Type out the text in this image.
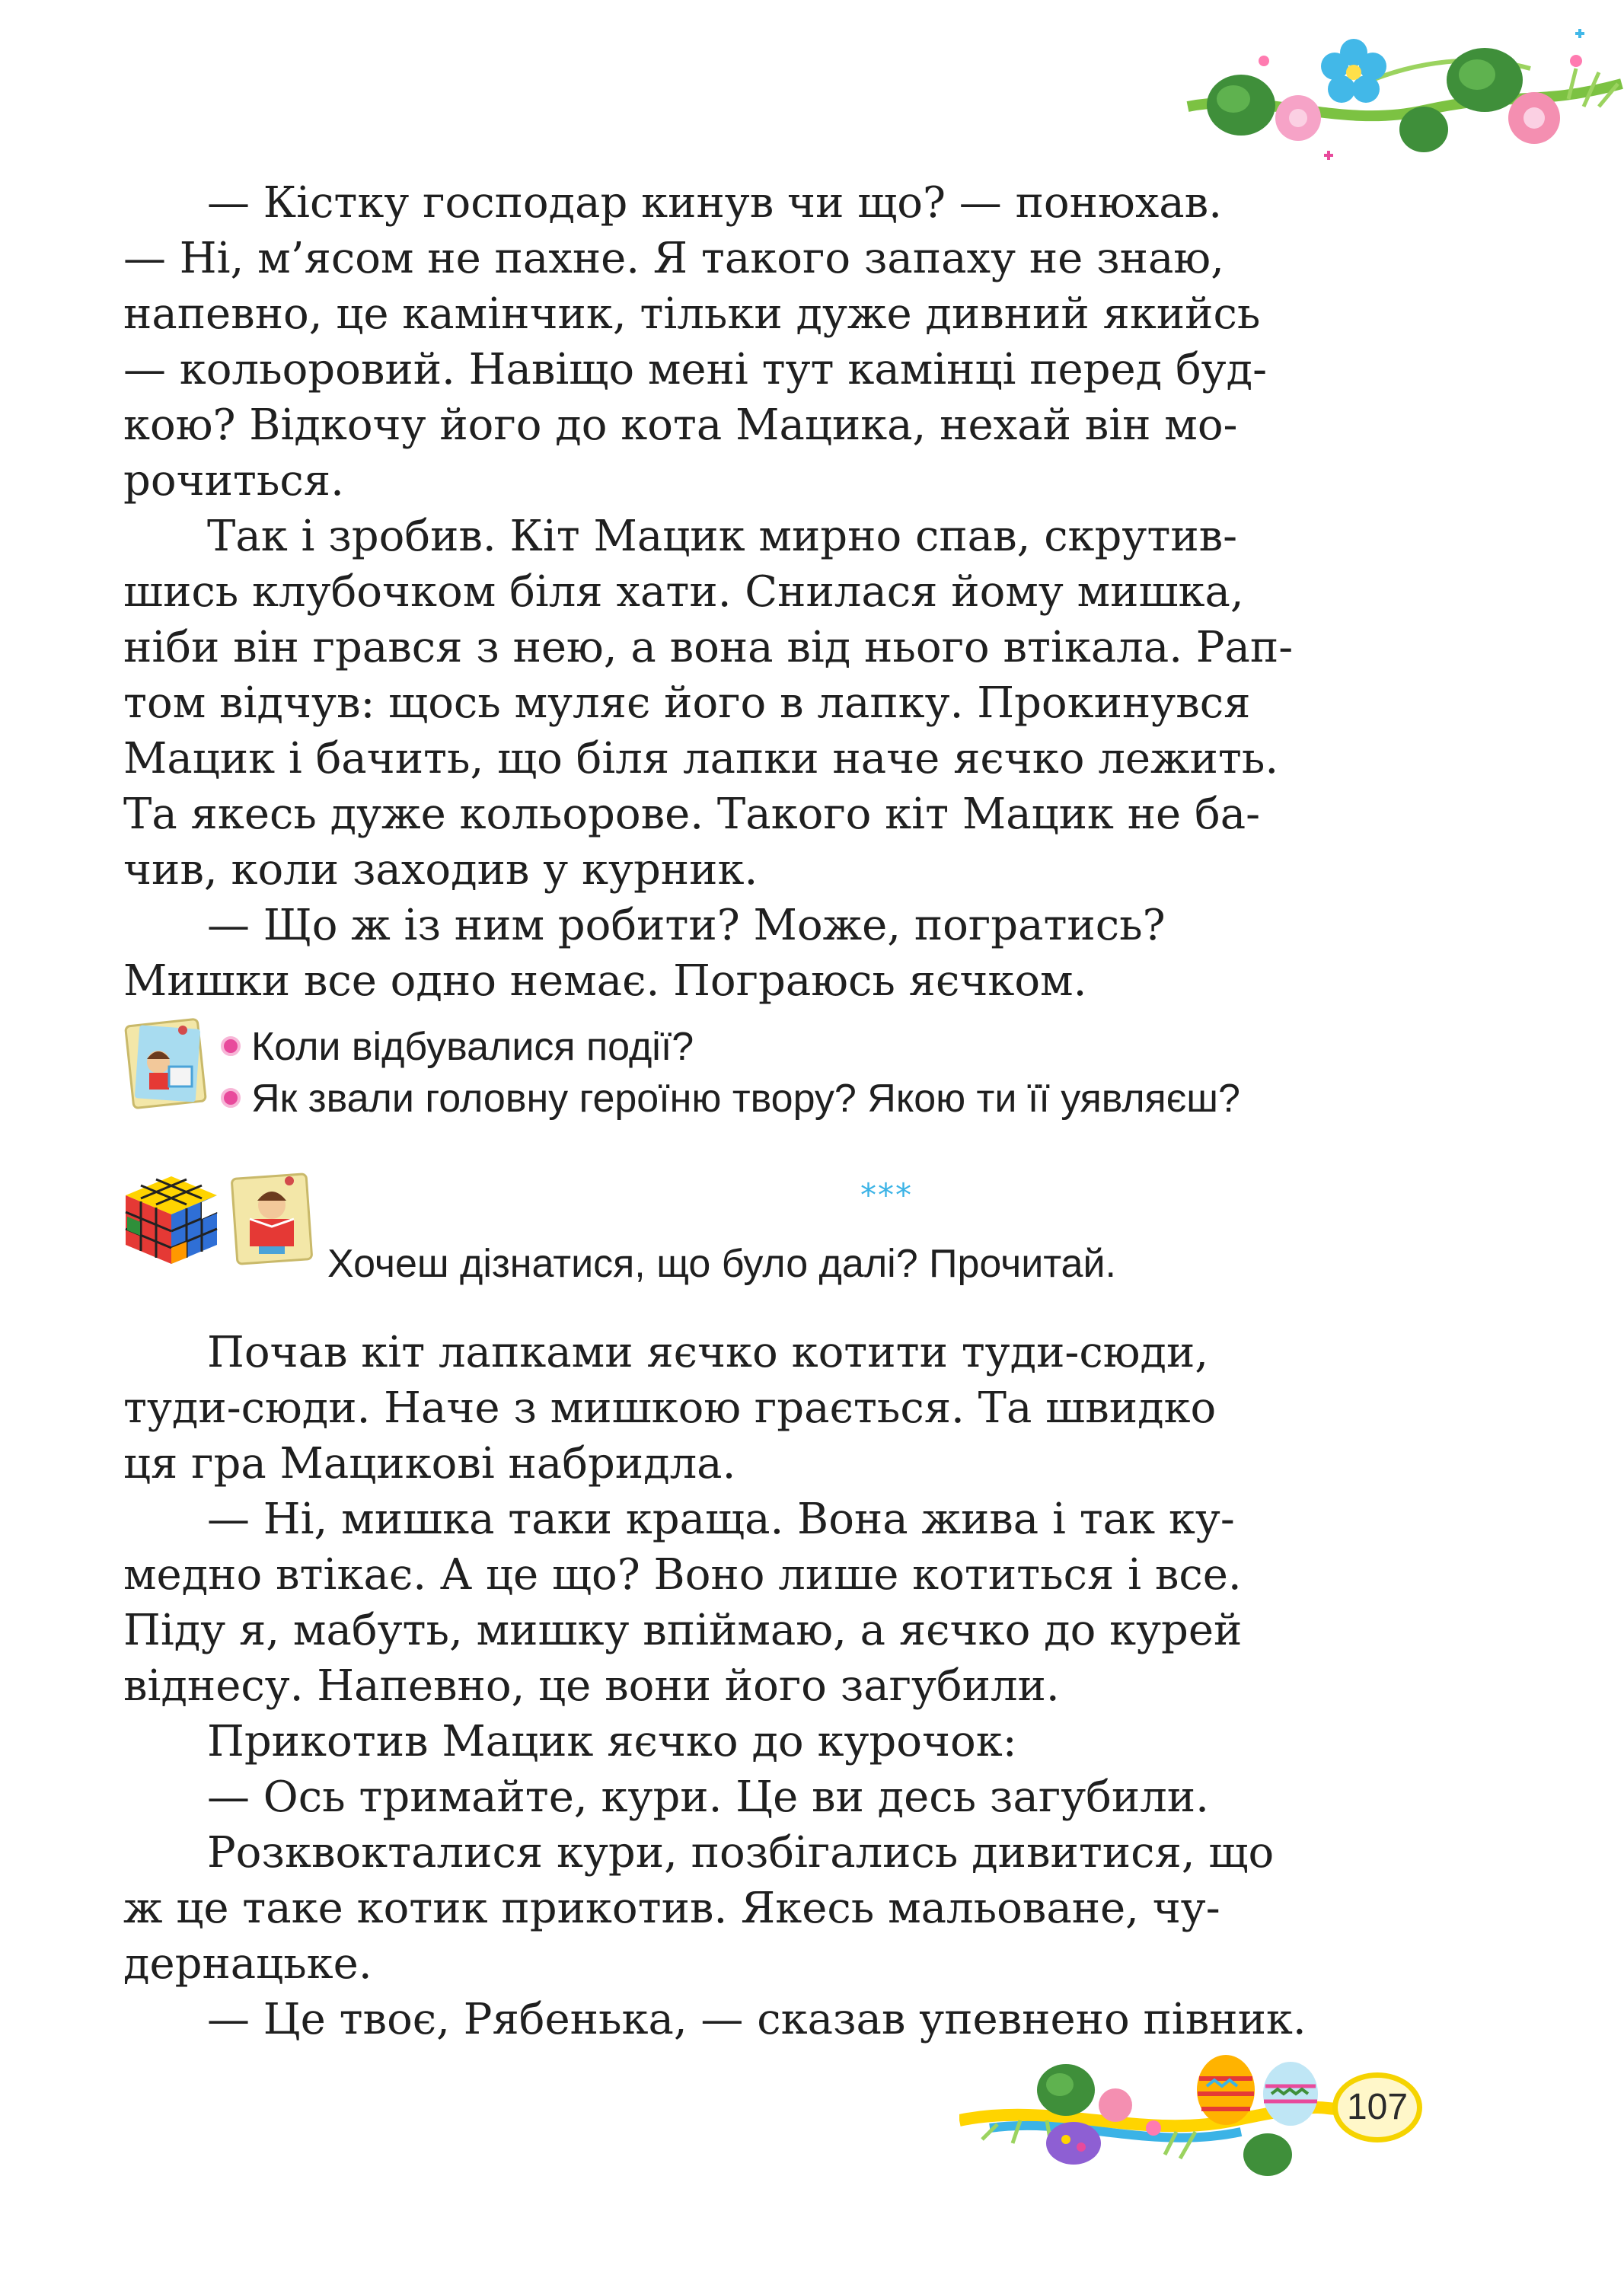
— Кістку господар кинув чи що? — понюхав.
— Ні, м’ясом не пахне. Я такого запаху не знаю,
напевно, це камінчик, тільки дуже дивний якийсь
— кольоровий. Навіщо мені тут камінці перед буд-
кою? Відкочу його до кота Мацика, нехай він мо-
рочиться.

Так і зробив. Кіт Мацик мирно спав, скрутив-
шись клубочком біля хати. Снилася йому мишка,
ніби він грався з нею, а вона від нього втікала. Рап-
том відчув: щось муляє його в лапку. Прокинувся
Мацик і бачить, що біля лапки наче яєчко лежить.
Та якесь дуже кольорове. Такого кіт Мацик не ба-
чив, коли заходив у курник.

— Що ж із ним робити? Може, погратись?
Мишки все одно немає. Пограюсь яєчком.

Коли відбувалися події?

Як звали головну героїню твору? Якою ти її уявляєш?

***

Хочеш дізнатися, що було далі? Прочитай.

Почав кіт лапками яєчко котити туди-сюди,
туди-сюди. Наче з мишкою грається. Та швидко
ця гра Мацикові набридла.

— Ні, мишка таки краща. Вона жива і так ку-
медно втікає. А це що? Воно лише котиться і все.
Піду я, мабуть, мишку впіймаю, а яєчко до курей
віднесу. Напевно, це вони його загубили.

Прикотив Мацик яєчко до курочок:

— Ось тримайте, кури. Це ви десь загубили.

Розквокталися кури, позбігались дивитися, що
ж це таке котик прикотив. Якесь мальоване, чу-
дернацьке.

— Це твоє, Рябенька, — сказав упевнено півник.

107
